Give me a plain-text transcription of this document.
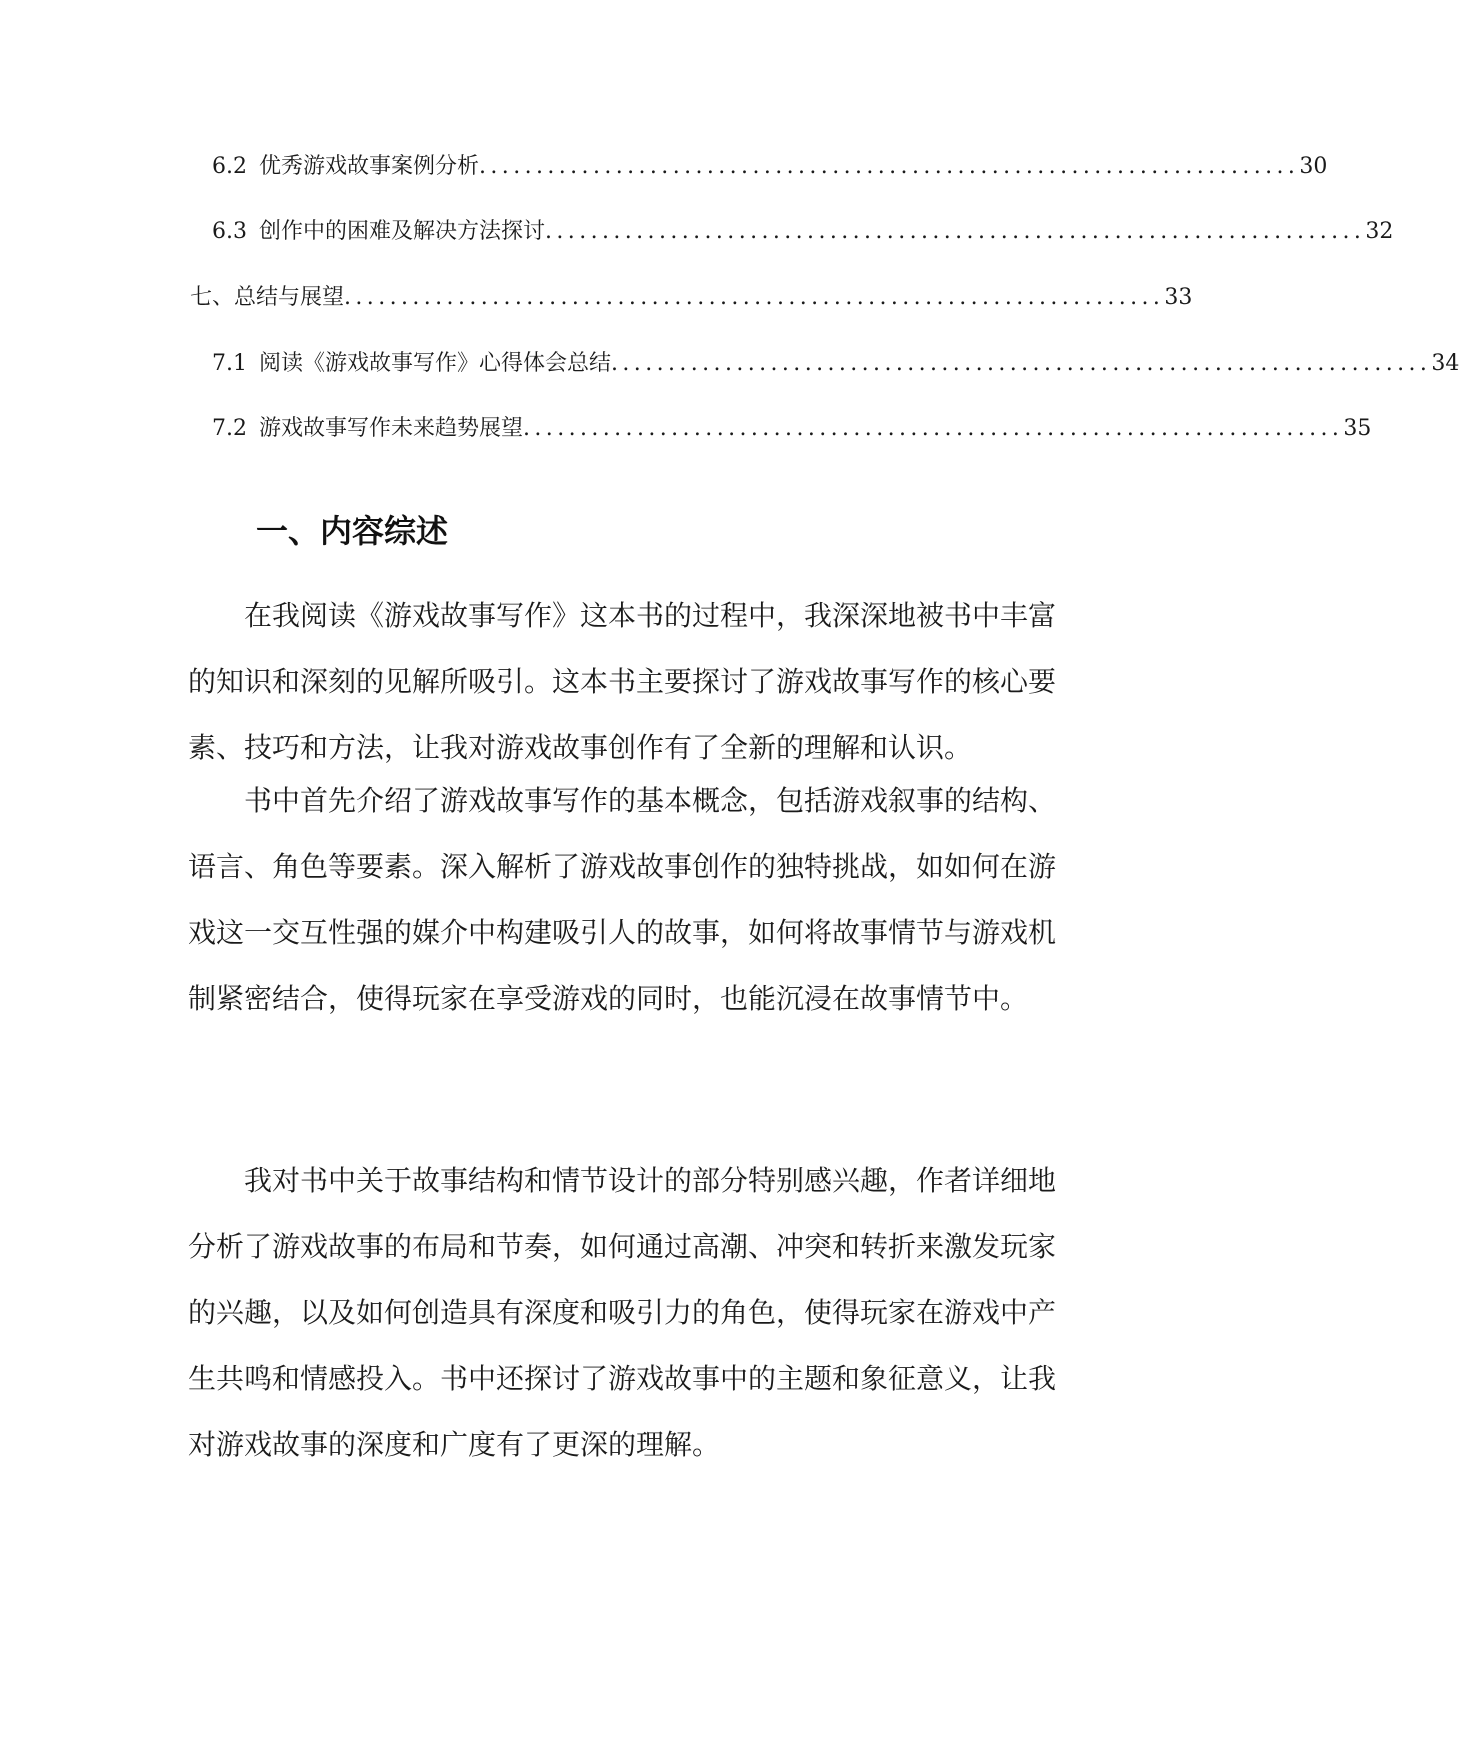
6.2 优秀游戏故事案例分析 ........................................................................ 30
6.3 创作中的困难及解决方法探讨 ........................................................................ 32
七、总结与展望 ........................................................................ 33
7.1 阅读《游戏故事写作》心得体会总结 ........................................................................ 34
7.2 游戏故事写作未来趋势展望 ........................................................................ 35
一、内容综述

在我阅读《游戏故事写作》这本书的过程中，我深深地被书中丰富的知识和深刻的见解所吸引。这本书主要探讨了游戏故事写作的核心要素、技巧和方法，让我对游戏故事创作有了全新的理解和认识。

书中首先介绍了游戏故事写作的基本概念，包括游戏叙事的结构、语言、角色等要素。深入解析了游戏故事创作的独特挑战，如如何在游戏这一交互性强的媒介中构建吸引人的故事，如何将故事情节与游戏机制紧密结合，使得玩家在享受游戏的同时，也能沉浸在故事情节中。

我对书中关于故事结构和情节设计的部分特别感兴趣，作者详细地分析了游戏故事的布局和节奏，如何通过高潮、冲突和转折来激发玩家的兴趣，以及如何创造具有深度和吸引力的角色，使得玩家在游戏中产生共鸣和情感投入。书中还探讨了游戏故事中的主题和象征意义，让我对游戏故事的深度和广度有了更深的理解。
